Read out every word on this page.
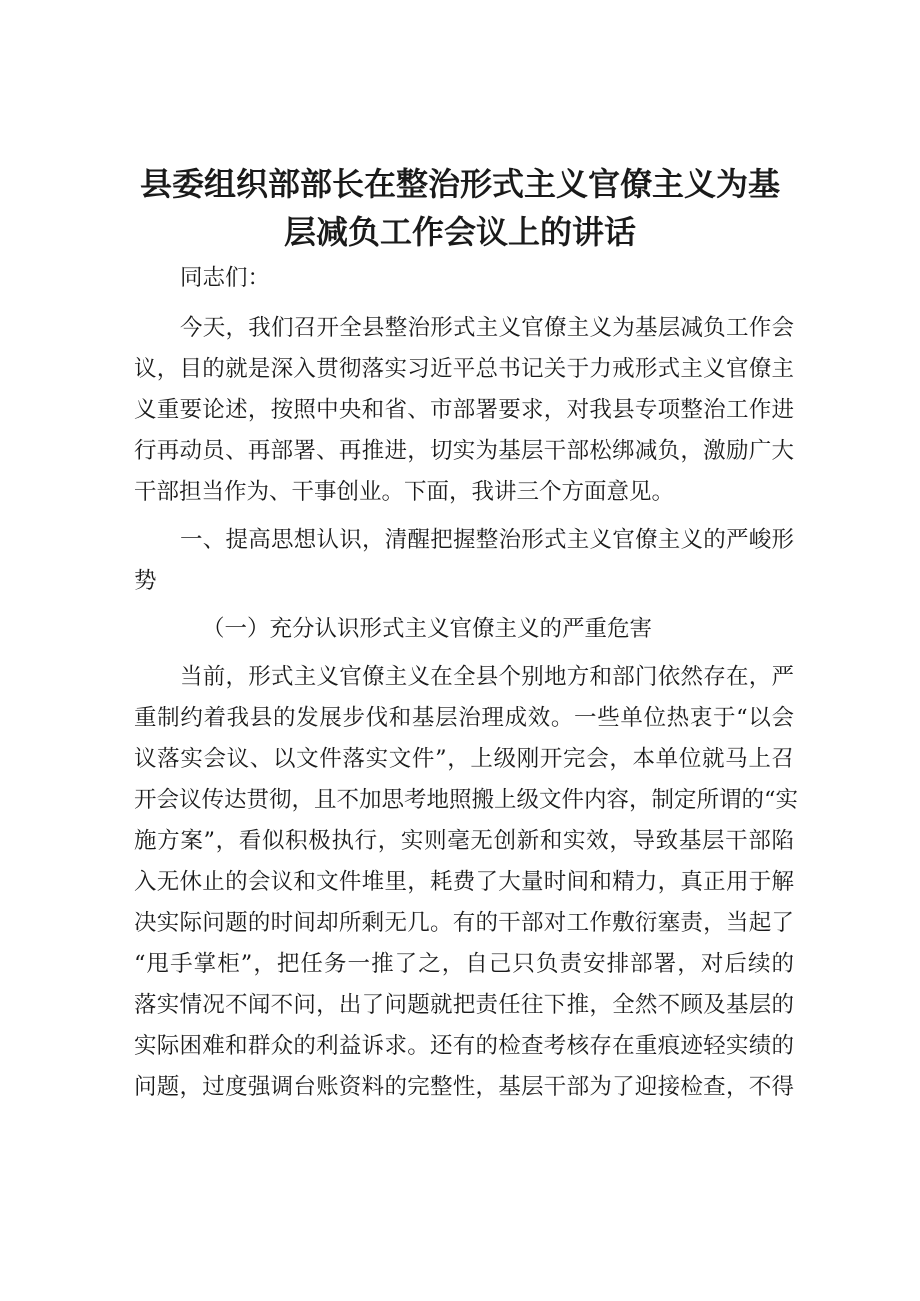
县委组织部部长在整治形式主义官僚主义为基
层减负工作会议上的讲话

同志们：

今天，我们召开全县整治形式主义官僚主义为基层减负工作会
议，目的就是深入贯彻落实习近平总书记关于力戒形式主义官僚主
义重要论述，按照中央和省、市部署要求，对我县专项整治工作进
行再动员、再部署、再推进，切实为基层干部松绑减负，激励广大
干部担当作为、干事创业。下面，我讲三个方面意见。

一、提高思想认识，清醒把握整治形式主义官僚主义的严峻形
势

（一）充分认识形式主义官僚主义的严重危害

当前，形式主义官僚主义在全县个别地方和部门依然存在，严
重制约着我县的发展步伐和基层治理成效。一些单位热衷于“以会
议落实会议、以文件落实文件”，上级刚开完会，本单位就马上召
开会议传达贯彻，且不加思考地照搬上级文件内容，制定所谓的“实
施方案”，看似积极执行，实则毫无创新和实效，导致基层干部陷
入无休止的会议和文件堆里，耗费了大量时间和精力，真正用于解
决实际问题的时间却所剩无几。有的干部对工作敷衍塞责，当起了
“甩手掌柜”，把任务一推了之，自己只负责安排部署，对后续的
落实情况不闻不问，出了问题就把责任往下推，全然不顾及基层的
实际困难和群众的利益诉求。还有的检查考核存在重痕迹轻实绩的
问题，过度强调台账资料的完整性，基层干部为了迎接检查，不得
